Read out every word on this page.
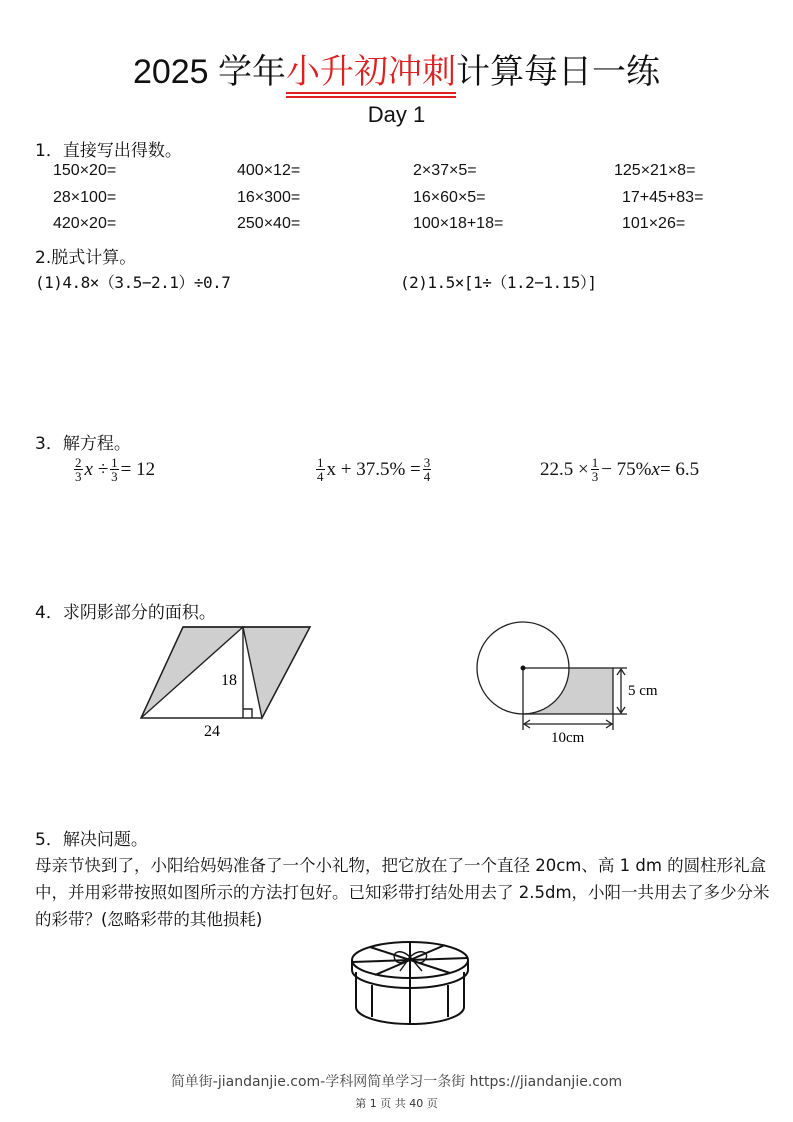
2025 学年小升初冲刺计算每日一练
Day 1
1．直接写出得数。
150×20=	400×12=	2×37×5=	125×21×8=
28×100=	16×300=	16×60×5=	17+45+83=
420×20=	250×40=	100×18+18=	101×26=
2.脱式计算。
(1)4.8×（3.5−2.1）÷0.7	(2)1.5×[1÷（1.2−1.15）]
3．解方程。
$\frac{2}{3}$ $x \div \frac{1}{3} = 12$	$\frac{1}{4}$ $x + 37.5\% = \frac{3}{4}$	$22.5 \times \frac{1}{3} - 75\%$ x = 6.5
4．求阴影部分的面积。
18
24
5 cm
10cm
5．解决问题。
母亲节快到了，小阳给妈妈准备了一个小礼物，把它放在了一个直径 20cm、高 1 dm 的圆柱形礼盒中，并用彩带按照如图所示的方法打包好。已知彩带打结处用去了 2.5dm，小阳一共用去了多少分米的彩带？(忽略彩带的其他损耗)
简单街-jiandanjie.com-学科网简单学习一条街 https://jiandanjie.com
第 1 页 共 40 页
